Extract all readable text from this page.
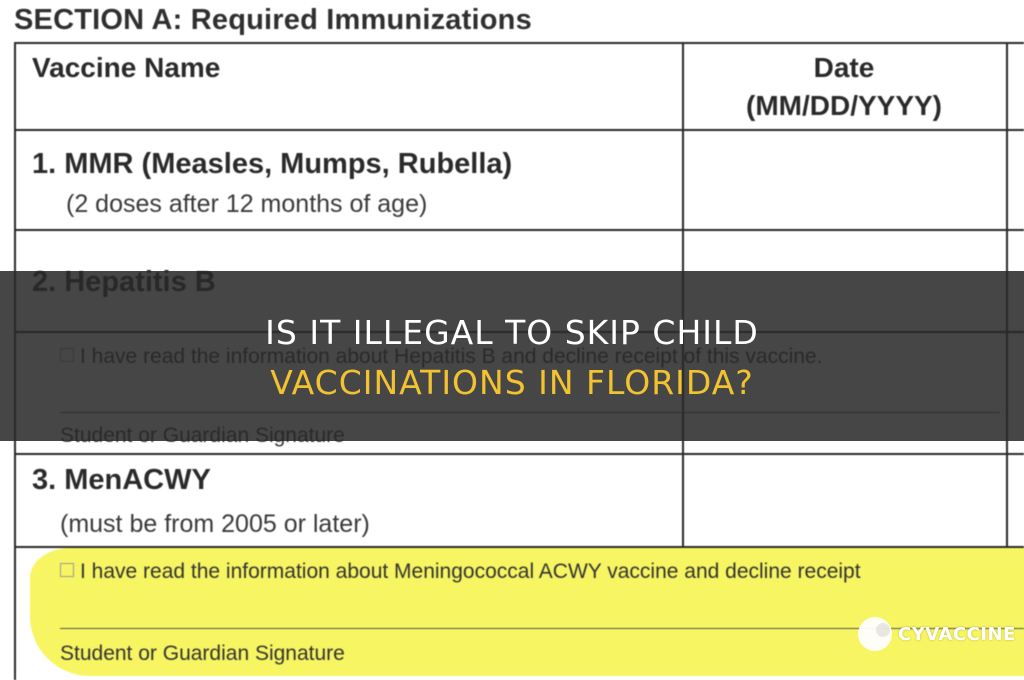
SECTION A: Required Immunizations
Vaccine Name	Date
(MM/DD/YYYY)
1. MMR (Measles, Mumps, Rubella)
(2 doses after 12 months of age)
3. MenACWY
(must be from 2005 or later)
I have read the information about Meningococcal ACWY vaccine and decline receipt
Student or Guardian Signature
IS IT ILLEGAL TO SKIP CHILD
VACCINATIONS IN FLORIDA?
CYVACCINE
